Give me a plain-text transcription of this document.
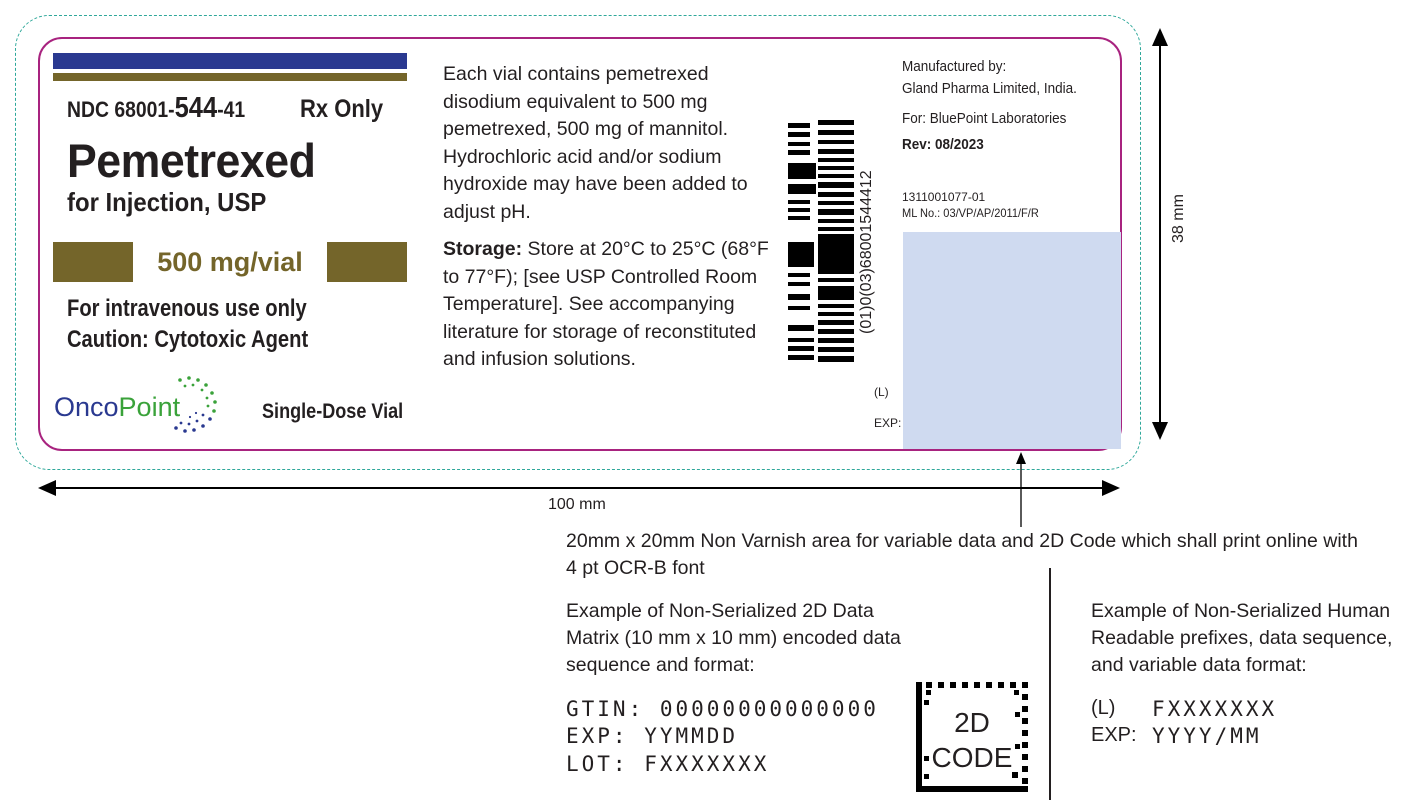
NDC 68001-544-41	Rx Only
Pemetrexed
for Injection, USP
500 mg/vial
For intravenous use only
Caution: Cytotoxic Agent
OncoPoint	Single-Dose Vial
Each vial contains pemetrexed disodium equivalent to 500 mg pemetrexed, 500 mg of mannitol. Hydrochloric acid and/or sodium hydroxide may have been added to adjust pH.
Storage: Store at 20°C to 25°C (68°F to 77°F); [see USP Controlled Room Temperature]. See accompanying literature for storage of reconstituted and infusion solutions.
(01)0(03)68001544412
Manufactured by:
Gland Pharma Limited, India.
For: BluePoint Laboratories
Rev: 08/2023
1311001077-01
ML No.: 03/VP/AP/2011/F/R
(L)
EXP:
38 mm
100 mm
20mm x 20mm Non Varnish area for variable data and 2D Code which shall print online with 4 pt OCR-B font
Example of Non-Serialized 2D Data Matrix (10 mm x 10 mm) encoded data sequence and format:
Example of Non-Serialized Human Readable prefixes, data sequence, and variable data format:
GTIN: 00000000000000
EXP: YYMMDD
LOT: FXXXXXXX
2D
CODE
(L) FXXXXXXX
EXP: YYYY/MM
